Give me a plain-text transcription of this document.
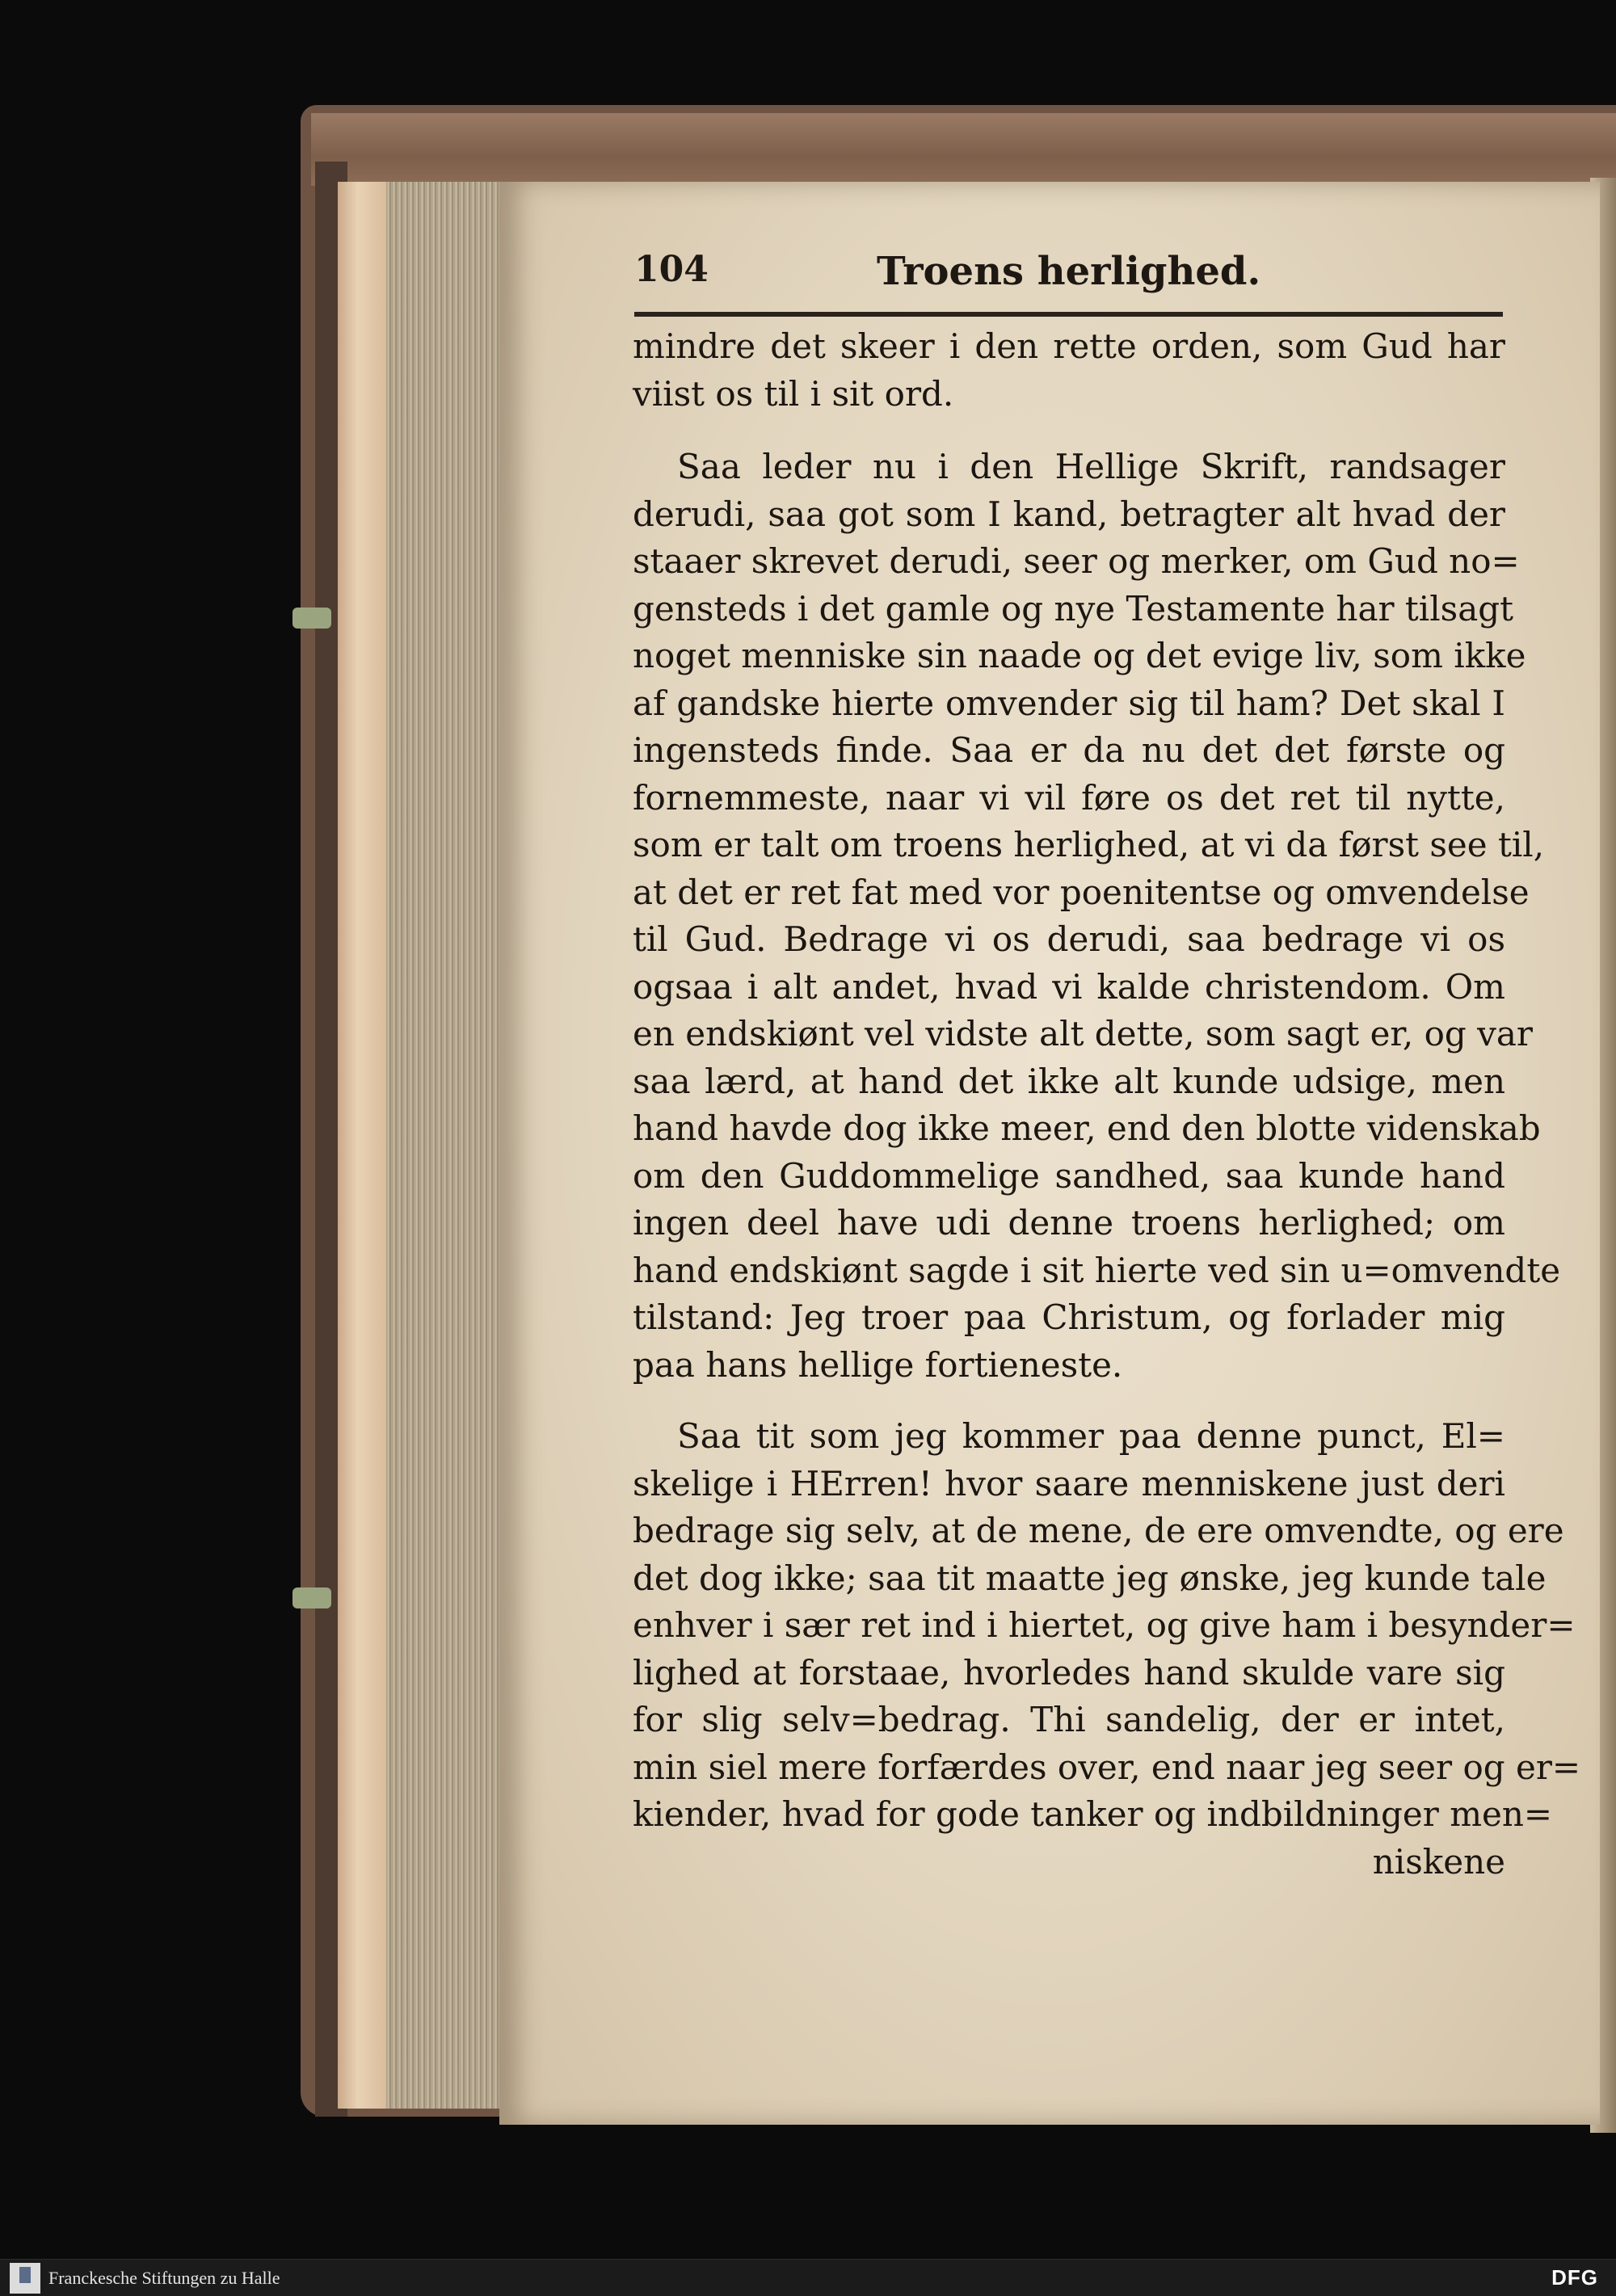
104	Troens herlighed.
mindre det skeer i den rette orden, som Gud har
viist os til i sit ord.
Saa leder nu i den Hellige Skrift, randsager
derudi, saa got som I kand, betragter alt hvad der
staaer skrevet derudi, seer og merker, om Gud no=
gensteds i det gamle og nye Testamente har tilsagt
noget menniske sin naade og det evige liv, som ikke
af gandske hierte omvender sig til ham? Det skal I
ingensteds finde. Saa er da nu det det første og
fornemmeste, naar vi vil føre os det ret til nytte,
som er talt om troens herlighed, at vi da først see til,
at det er ret fat med vor poenitentse og omvendelse
til Gud. Bedrage vi os derudi, saa bedrage vi os
ogsaa i alt andet, hvad vi kalde christendom. Om
en endskiønt vel vidste alt dette, som sagt er, og var
saa lærd, at hand det ikke alt kunde udsige, men
hand havde dog ikke meer, end den blotte videnskab
om den Guddommelige sandhed, saa kunde hand
ingen deel have udi denne troens herlighed; om
hand endskiønt sagde i sit hierte ved sin u=omvendte
tilstand: Jeg troer paa Christum, og forlader mig
paa hans hellige fortieneste.
Saa tit som jeg kommer paa denne punct, El=
skelige i HErren! hvor saare menniskene just deri
bedrage sig selv, at de mene, de ere omvendte, og ere
det dog ikke; saa tit maatte jeg ønske, jeg kunde tale
enhver i sær ret ind i hiertet, og give ham i besynder=
lighed at forstaae, hvorledes hand skulde vare sig
for slig selv=bedrag. Thi sandelig, der er intet,
min siel mere forfærdes over, end naar jeg seer og er=
kiender, hvad for gode tanker og indbildninger men=
niskene
Franckesche Stiftungen zu Halle	DFG
